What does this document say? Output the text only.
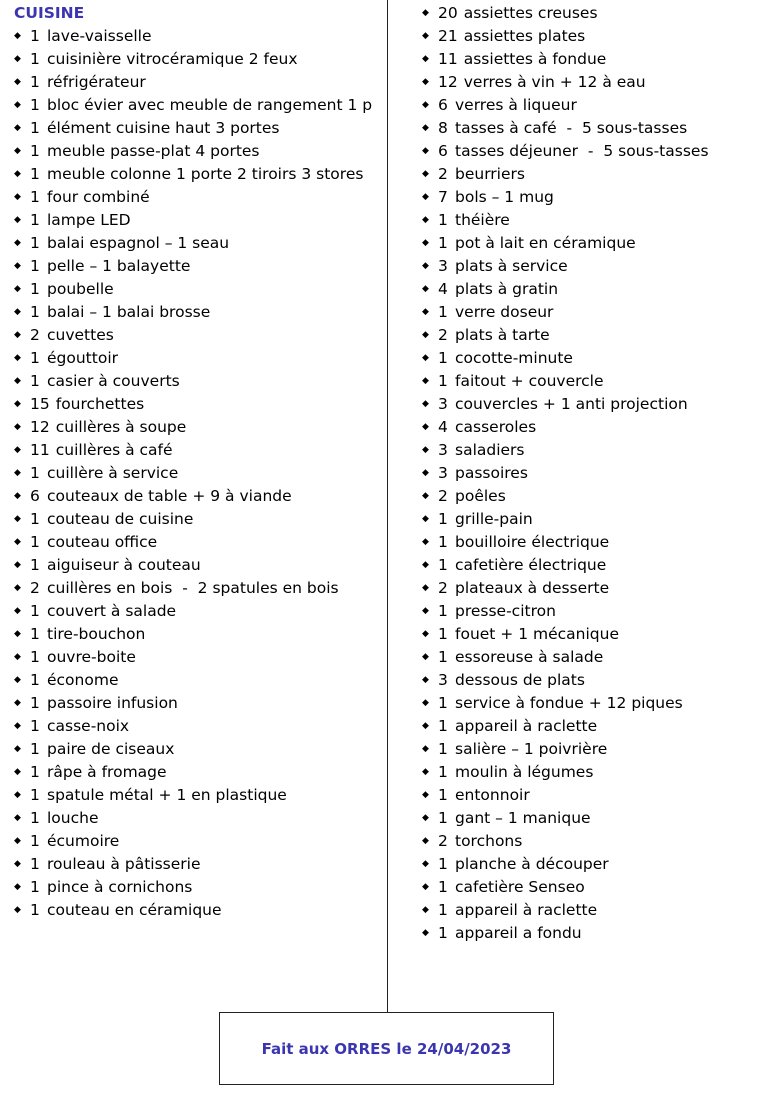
CUISINE
◆ 1 lave-vaisselle
◆ 1 cuisinière vitrocéramique 2 feux
◆ 1 réfrigérateur
◆ 1 bloc évier avec meuble de rangement 1 p
◆ 1 élément cuisine haut 3 portes
◆ 1 meuble passe-plat 4 portes
◆ 1 meuble colonne 1 porte 2 tiroirs 3 stores
◆ 1 four combiné
◆ 1 lampe LED
◆ 1 balai espagnol – 1 seau
◆ 1 pelle – 1 balayette
◆ 1 poubelle
◆ 1 balai – 1 balai brosse
◆ 2 cuvettes
◆ 1 égouttoir
◆ 1 casier à couverts
◆ 15 fourchettes
◆ 12 cuillères à soupe
◆ 11 cuillères à café
◆ 1 cuillère à service
◆ 6 couteaux de table + 9 à viande
◆ 1 couteau de cuisine
◆ 1 couteau office
◆ 1 aiguiseur à couteau
◆ 2 cuillères en bois  -  2 spatules en bois
◆ 1 couvert à salade
◆ 1 tire-bouchon
◆ 1 ouvre-boite
◆ 1 économe
◆ 1 passoire infusion
◆ 1 casse-noix
◆ 1 paire de ciseaux
◆ 1 râpe à fromage
◆ 1 spatule métal + 1 en plastique
◆ 1 louche
◆ 1 écumoire
◆ 1 rouleau à pâtisserie
◆ 1 pince à cornichons
◆ 1 couteau en céramique
◆ 20 assiettes creuses
◆ 21 assiettes plates
◆ 11 assiettes à fondue
◆ 12 verres à vin + 12 à eau
◆ 6 verres à liqueur
◆ 8 tasses à café  -  5 sous-tasses
◆ 6 tasses déjeuner  -  5 sous-tasses
◆ 2 beurriers
◆ 7 bols – 1 mug
◆ 1 théière
◆ 1 pot à lait en céramique
◆ 3 plats à service
◆ 4 plats à gratin
◆ 1 verre doseur
◆ 2 plats à tarte
◆ 1 cocotte-minute
◆ 1 faitout + couvercle
◆ 3 couvercles + 1 anti projection
◆ 4 casseroles
◆ 3 saladiers
◆ 3 passoires
◆ 2 poêles
◆ 1 grille-pain
◆ 1 bouilloire électrique
◆ 1 cafetière électrique
◆ 2 plateaux à desserte
◆ 1 presse-citron
◆ 1 fouet + 1 mécanique
◆ 1 essoreuse à salade
◆ 3 dessous de plats
◆ 1 service à fondue + 12 piques
◆ 1 appareil à raclette
◆ 1 salière – 1 poivrière
◆ 1 moulin à légumes
◆ 1 entonnoir
◆ 1 gant – 1 manique
◆ 2 torchons
◆ 1 planche à découper
◆ 1 cafetière Senseo
◆ 1 appareil à raclette
◆ 1 appareil a fondu
Fait aux ORRES le 24/04/2023
